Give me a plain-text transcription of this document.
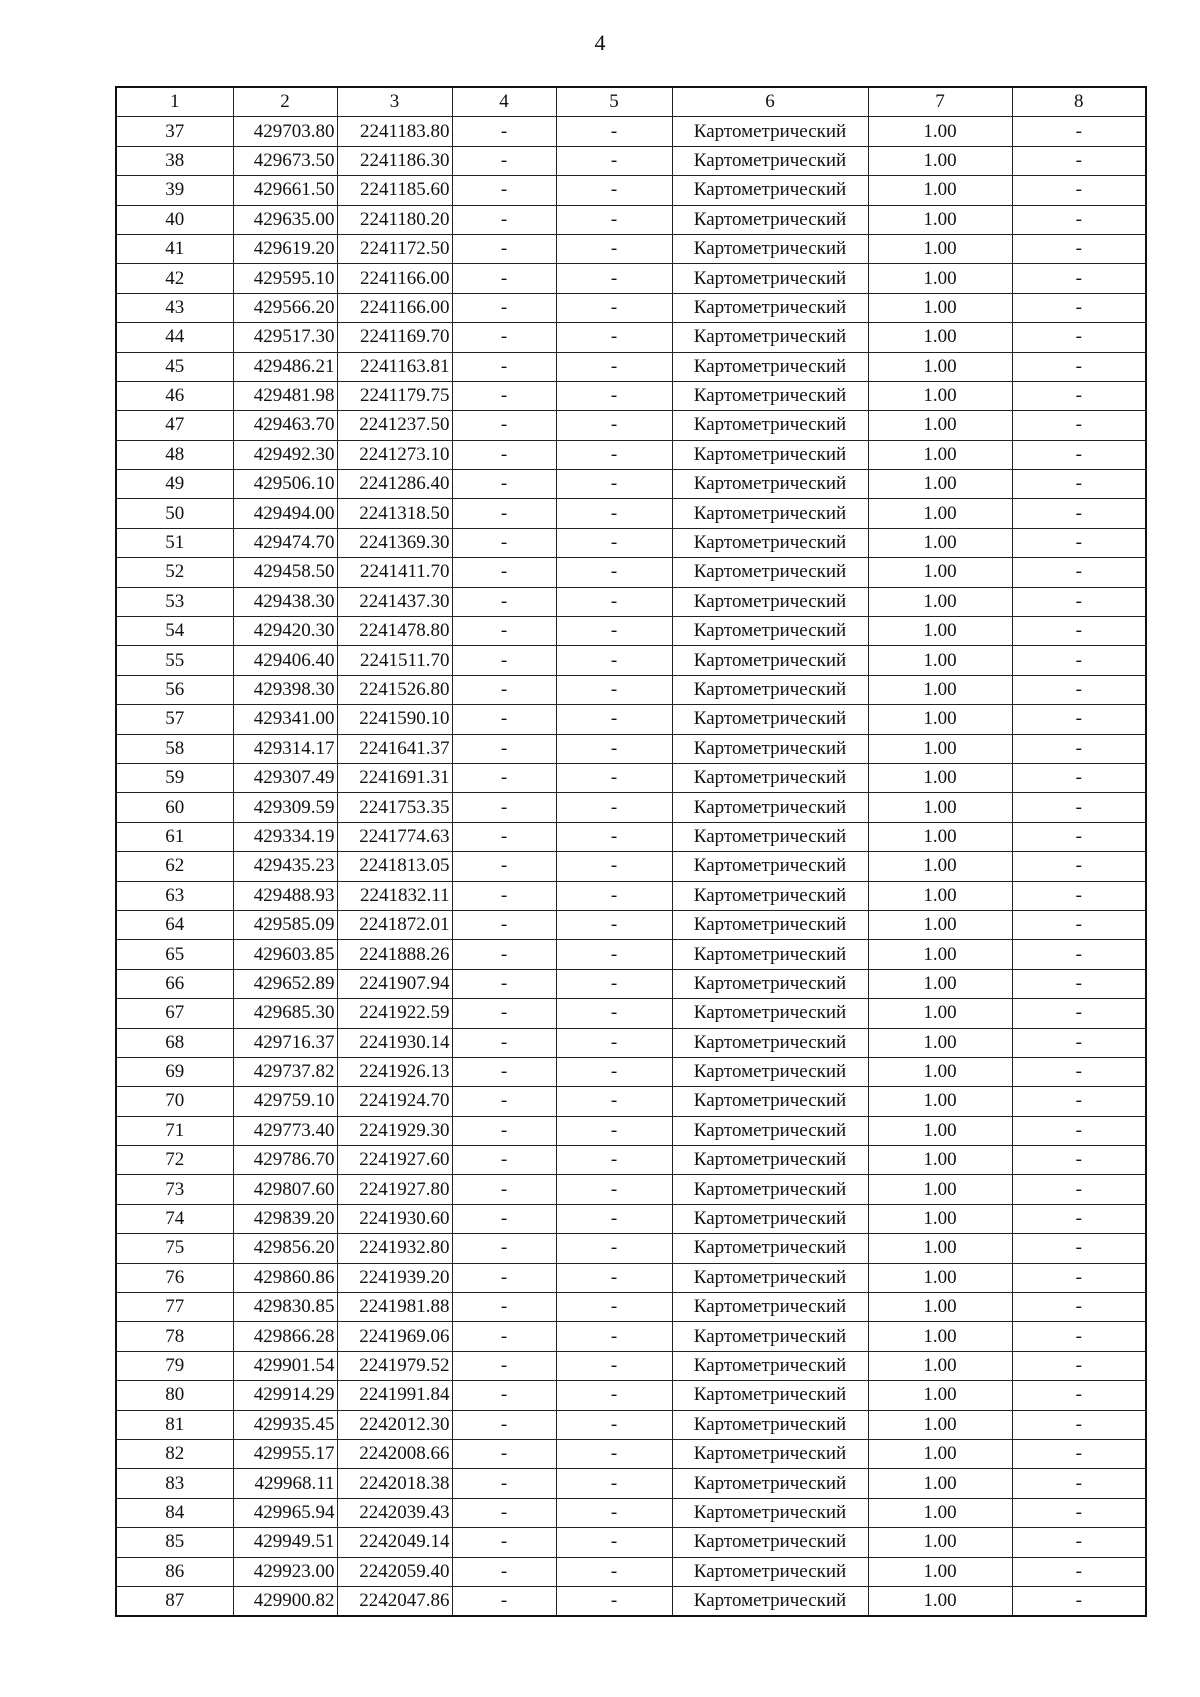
4
1	2	3	4	5	6	7	8
37	429703.80	2241183.80	-	-	Картометрический	1.00	-
38	429673.50	2241186.30	-	-	Картометрический	1.00	-
39	429661.50	2241185.60	-	-	Картометрический	1.00	-
40	429635.00	2241180.20	-	-	Картометрический	1.00	-
41	429619.20	2241172.50	-	-	Картометрический	1.00	-
42	429595.10	2241166.00	-	-	Картометрический	1.00	-
43	429566.20	2241166.00	-	-	Картометрический	1.00	-
44	429517.30	2241169.70	-	-	Картометрический	1.00	-
45	429486.21	2241163.81	-	-	Картометрический	1.00	-
46	429481.98	2241179.75	-	-	Картометрический	1.00	-
47	429463.70	2241237.50	-	-	Картометрический	1.00	-
48	429492.30	2241273.10	-	-	Картометрический	1.00	-
49	429506.10	2241286.40	-	-	Картометрический	1.00	-
50	429494.00	2241318.50	-	-	Картометрический	1.00	-
51	429474.70	2241369.30	-	-	Картометрический	1.00	-
52	429458.50	2241411.70	-	-	Картометрический	1.00	-
53	429438.30	2241437.30	-	-	Картометрический	1.00	-
54	429420.30	2241478.80	-	-	Картометрический	1.00	-
55	429406.40	2241511.70	-	-	Картометрический	1.00	-
56	429398.30	2241526.80	-	-	Картометрический	1.00	-
57	429341.00	2241590.10	-	-	Картометрический	1.00	-
58	429314.17	2241641.37	-	-	Картометрический	1.00	-
59	429307.49	2241691.31	-	-	Картометрический	1.00	-
60	429309.59	2241753.35	-	-	Картометрический	1.00	-
61	429334.19	2241774.63	-	-	Картометрический	1.00	-
62	429435.23	2241813.05	-	-	Картометрический	1.00	-
63	429488.93	2241832.11	-	-	Картометрический	1.00	-
64	429585.09	2241872.01	-	-	Картометрический	1.00	-
65	429603.85	2241888.26	-	-	Картометрический	1.00	-
66	429652.89	2241907.94	-	-	Картометрический	1.00	-
67	429685.30	2241922.59	-	-	Картометрический	1.00	-
68	429716.37	2241930.14	-	-	Картометрический	1.00	-
69	429737.82	2241926.13	-	-	Картометрический	1.00	-
70	429759.10	2241924.70	-	-	Картометрический	1.00	-
71	429773.40	2241929.30	-	-	Картометрический	1.00	-
72	429786.70	2241927.60	-	-	Картометрический	1.00	-
73	429807.60	2241927.80	-	-	Картометрический	1.00	-
74	429839.20	2241930.60	-	-	Картометрический	1.00	-
75	429856.20	2241932.80	-	-	Картометрический	1.00	-
76	429860.86	2241939.20	-	-	Картометрический	1.00	-
77	429830.85	2241981.88	-	-	Картометрический	1.00	-
78	429866.28	2241969.06	-	-	Картометрический	1.00	-
79	429901.54	2241979.52	-	-	Картометрический	1.00	-
80	429914.29	2241991.84	-	-	Картометрический	1.00	-
81	429935.45	2242012.30	-	-	Картометрический	1.00	-
82	429955.17	2242008.66	-	-	Картометрический	1.00	-
83	429968.11	2242018.38	-	-	Картометрический	1.00	-
84	429965.94	2242039.43	-	-	Картометрический	1.00	-
85	429949.51	2242049.14	-	-	Картометрический	1.00	-
86	429923.00	2242059.40	-	-	Картометрический	1.00	-
87	429900.82	2242047.86	-	-	Картометрический	1.00	-
